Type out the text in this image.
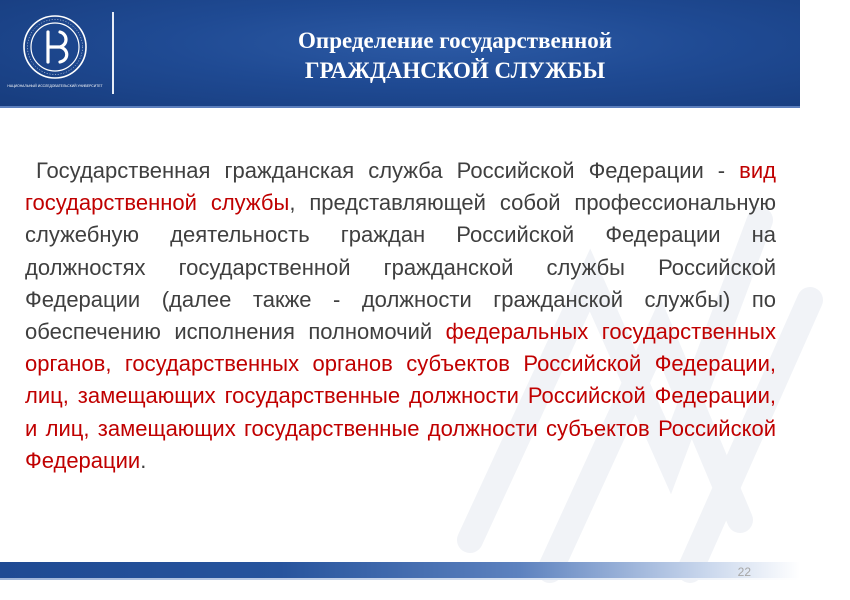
НАЦИОНАЛЬНЫЙ ИССЛЕДОВАТЕЛЬСКИЙ УНИВЕРСИТЕТ
Определение государственной
ГРАЖДАНСКОЙ СЛУЖБЫ

Государственная гражданская служба Российской Федерации - вид государственной службы, представляющей собой профессиональную служебную деятельность граждан Российской Федерации на должностях государственной гражданской службы Российской Федерации (далее также - должности гражданской службы) по обеспечению исполнения полномочий федеральных государственных органов, государственных органов субъектов Российской Федерации, лиц, замещающих государственные должности Российской Федерации, и лиц, замещающих государственные должности субъектов Российской Федерации.

22
